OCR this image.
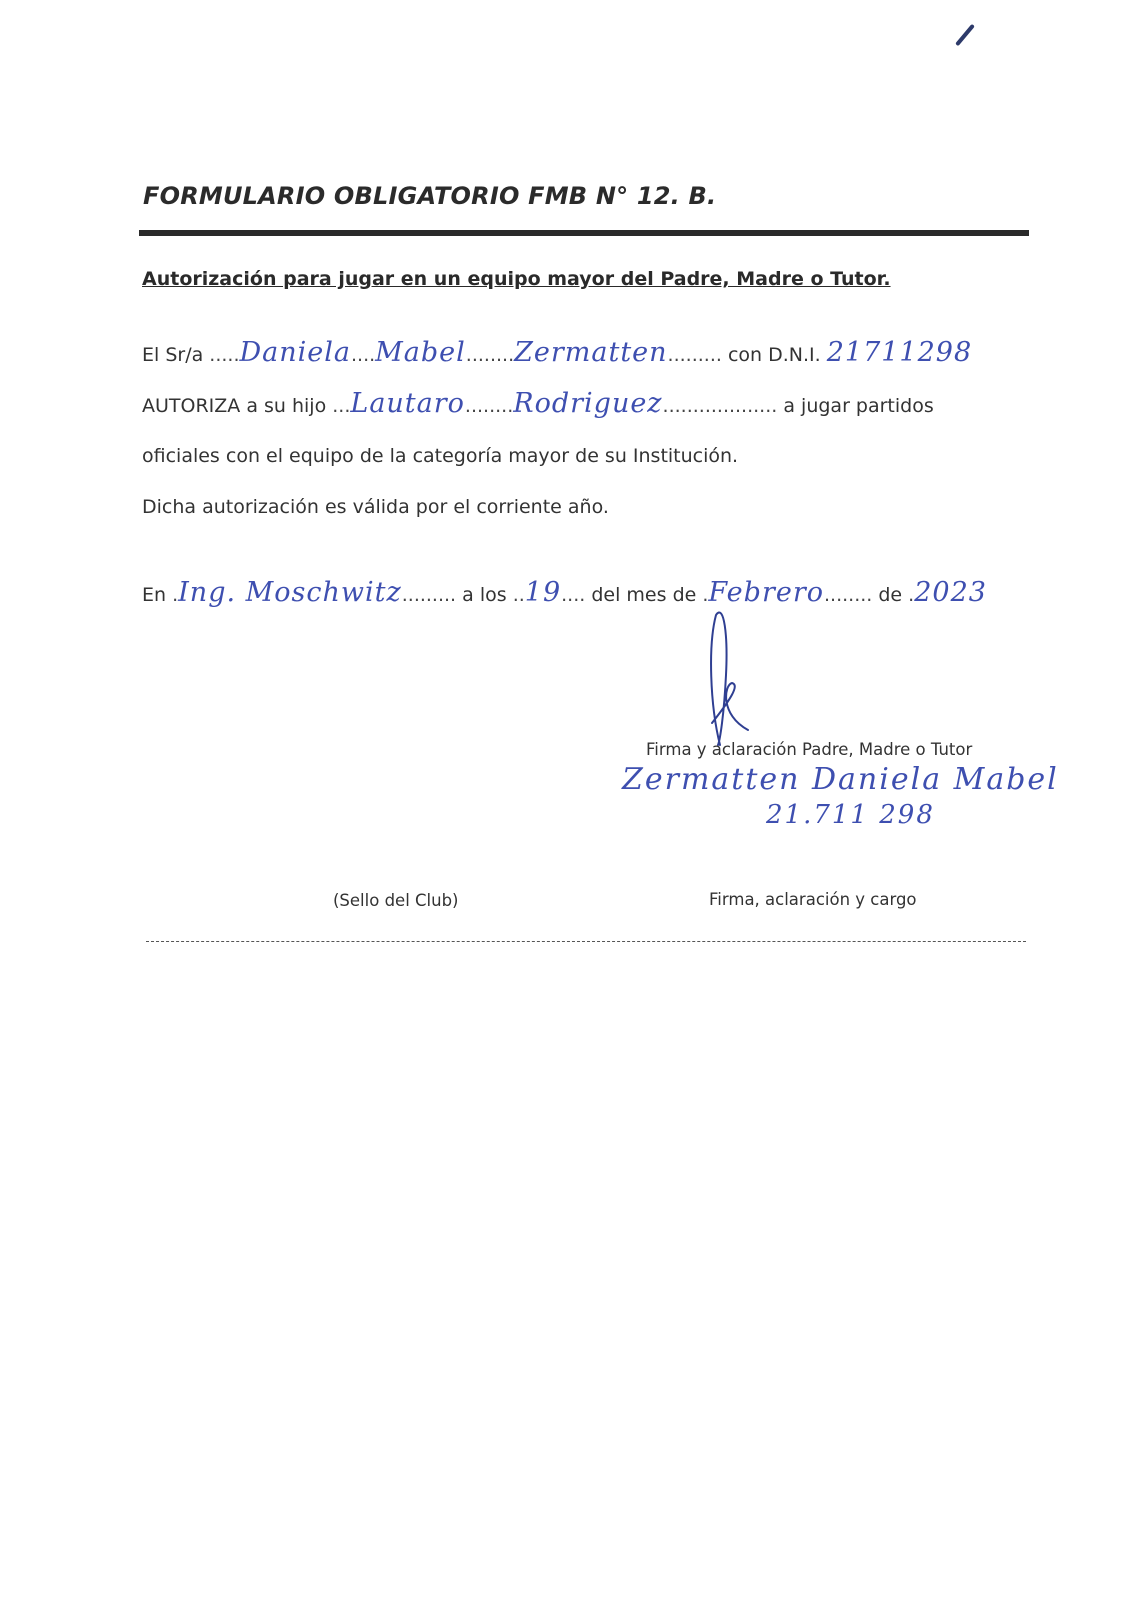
FORMULARIO OBLIGATORIO FMB N° 12. B.
Autorización para jugar en un equipo mayor del Padre, Madre o Tutor.
El Sr/a .....Daniela....Mabel........Zermatten......... con D.N.I. 21711298
AUTORIZA a su hijo ...Lautaro........Rodriguez................... a jugar partidos
oficiales con el equipo de la categoría mayor de su Institución.
Dicha autorización es válida por el corriente año.
En .Ing. Moschwitz......... a los ..19.... del mes de .Febrero........ de .2023
Firma y aclaración Padre, Madre o Tutor
Zermatten Daniela Mabel
21.711 298
(Sello del Club)	Firma, aclaración y cargo
